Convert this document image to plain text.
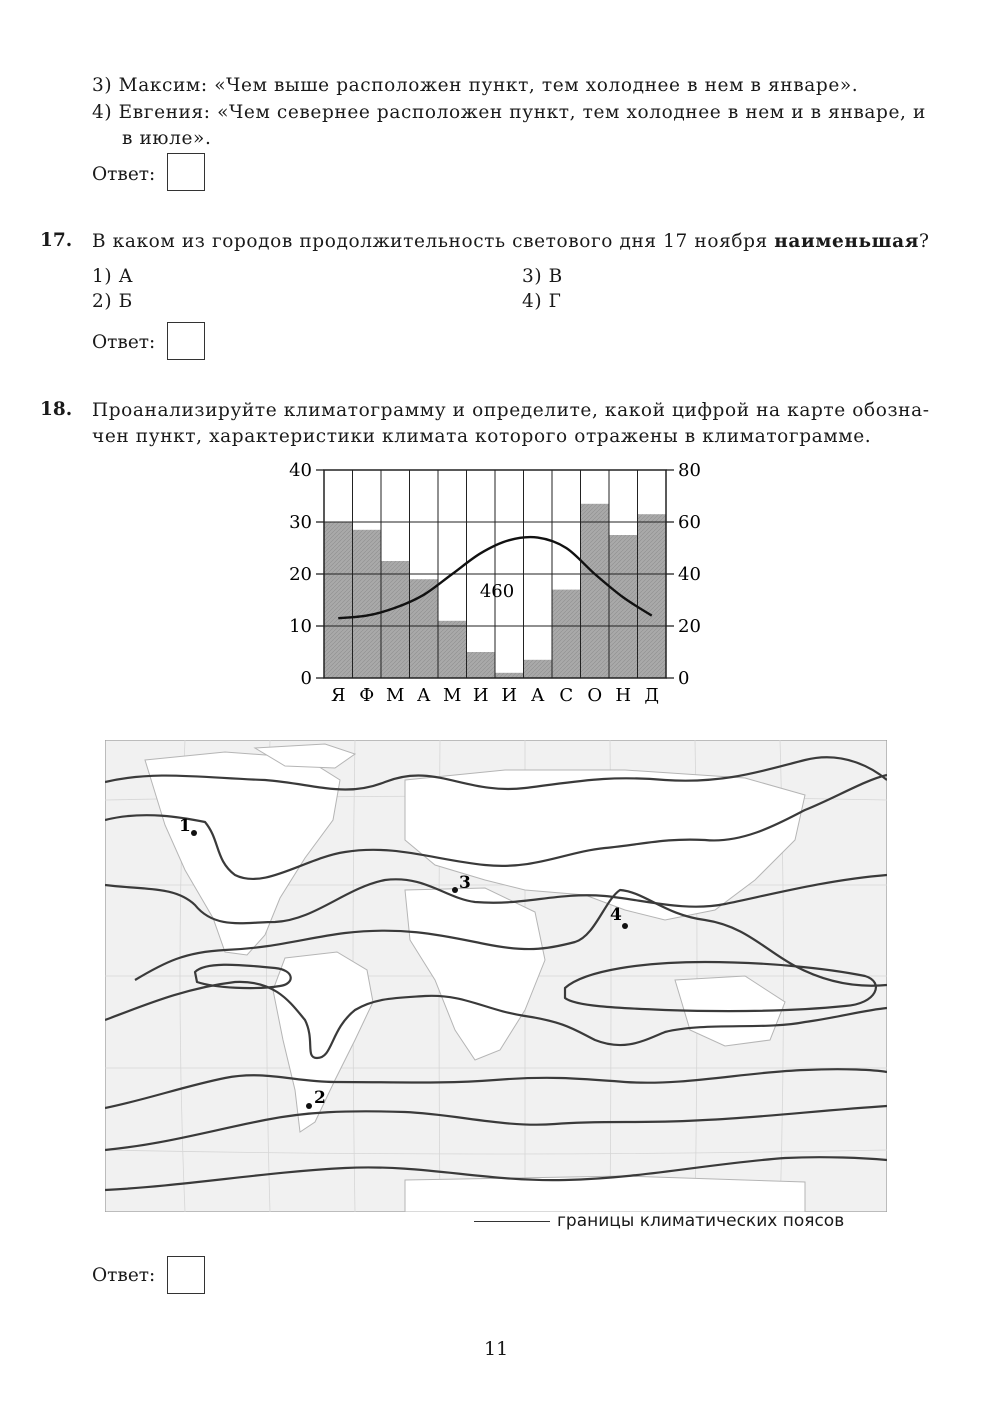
3) Максим: «Чем выше расположен пункт, тем холоднее в нем в январе».
4) Евгения: «Чем севернее расположен пункт, тем холоднее в нем и в январе, и
в июле».
Ответ:
17. В каком из городов продолжительность светового дня 17 ноября наименьшая?
1) А
2) Б
3) В
4) Г
Ответ:
18. Проанализируйте климатограмму и определите, какой цифрой на карте обозна-
чен пункт, характеристики климата которого отражены в климатограмме.
0
10
20
30
40
0
20
40
60
80
Я Ф М А М И И А С О Н Д
460
1
2
3
4
границы климатических поясов
Ответ:
11
